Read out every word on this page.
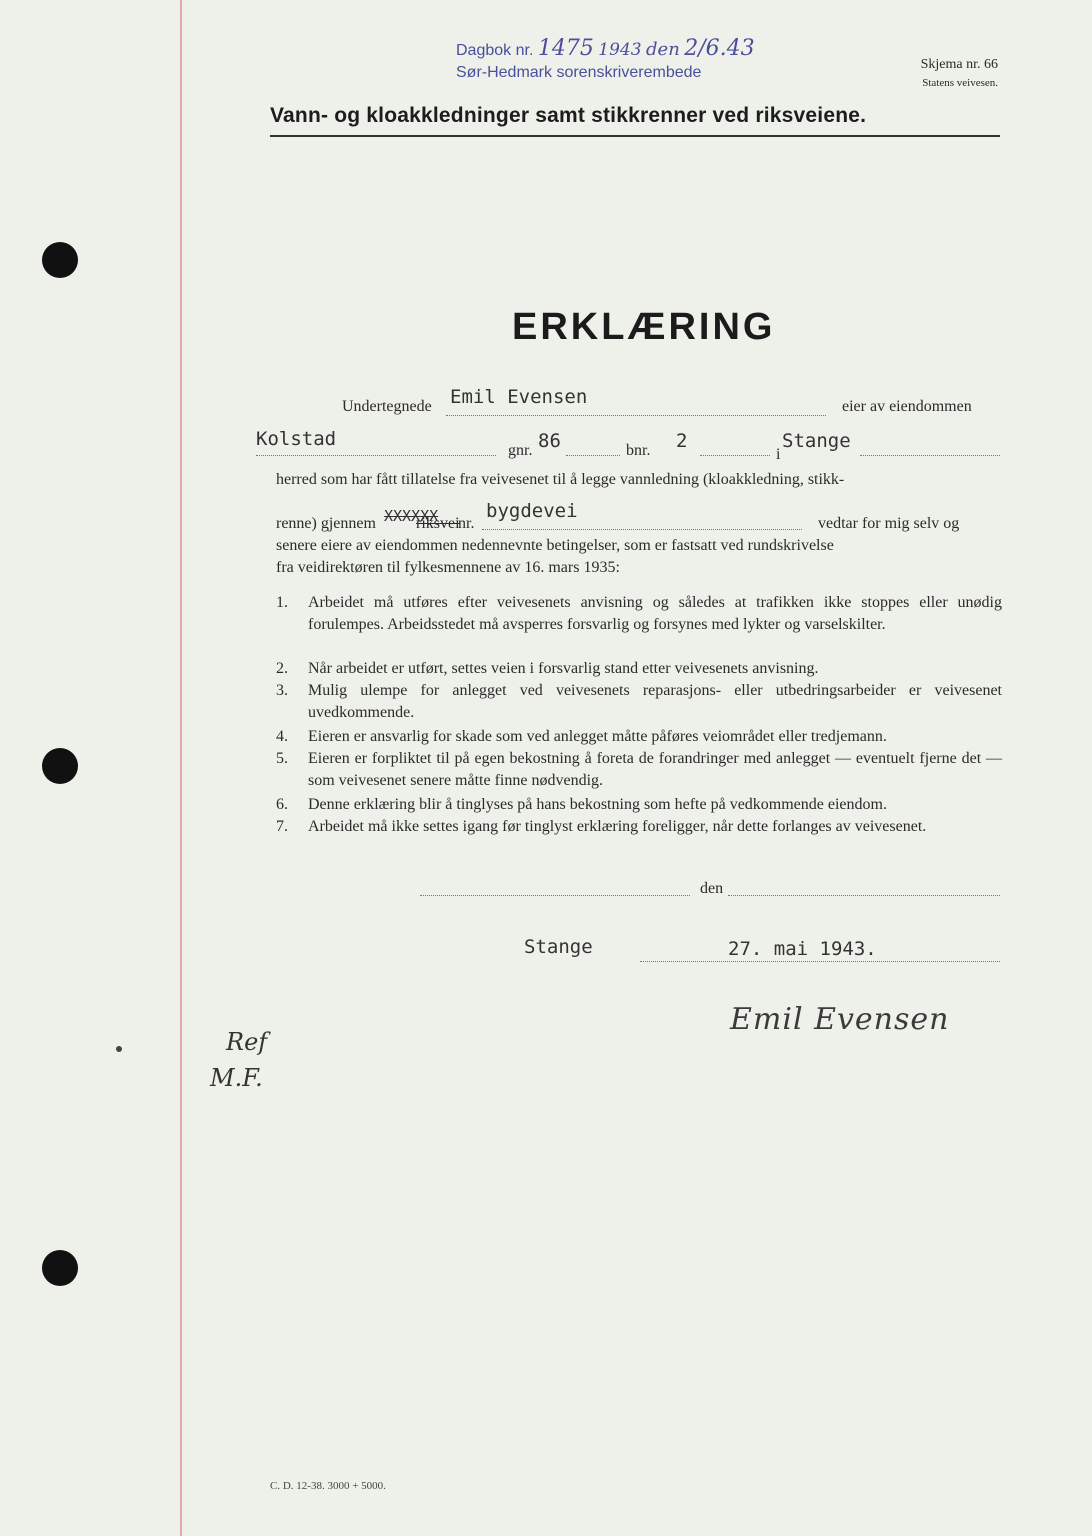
Dagbok nr. 1475 1943 den 2/6.43
Sør-Hedmark sorenskriverembede	Skjema nr. 66
Statens veivesen.
Vann- og kloakkledninger samt stikkrenner ved riksveiene.
ERKLÆRING
Undertegnede Emil Evensen	eier av eiendommen
Kolstad
gnr. 86	bnr. 2
i
Stange
herred som har fått tillatelse fra veivesenet til å legge vannledning (kloakkledning, stikk-
renne) gjennem XXXXXX
riksvei
nr.
bygdevei
vedtar for mig selv og
senere eiere av eiendommen nedennevnte betingelser, som er fastsatt ved rundskrivelse
fra veidirektøren til fylkesmennene av 16. mars 1935:
1. Arbeidet må utføres efter veivesenets anvisning og således at trafikken ikke stoppes eller unødig forulempes. Arbeidsstedet må avsperres forsvarlig og forsynes med lykter og varselskilter.
2. Når arbeidet er utført, settes veien i forsvarlig stand etter veivesenets anvisning.
3. Mulig ulempe for anlegget ved veivesenets reparasjons- eller utbedringsarbeider er veivesenet uvedkommende.
4. Eieren er ansvarlig for skade som ved anlegget måtte påføres veiområdet eller tredjemann.
5. Eieren er forpliktet til på egen bekostning å foreta de forandringer med anlegget — eventuelt fjerne det — som veivesenet senere måtte finne nødvendig.
6. Denne erklæring blir å tinglyses på hans bekostning som hefte på vedkommende eiendom.
7. Arbeidet må ikke settes igang før tinglyst erklæring foreligger, når dette forlanges av veivesenet.
den
Stange	27. mai 1943.
Emil Evensen
Ref
M.F.
C. D. 12-38. 3000 + 5000.
